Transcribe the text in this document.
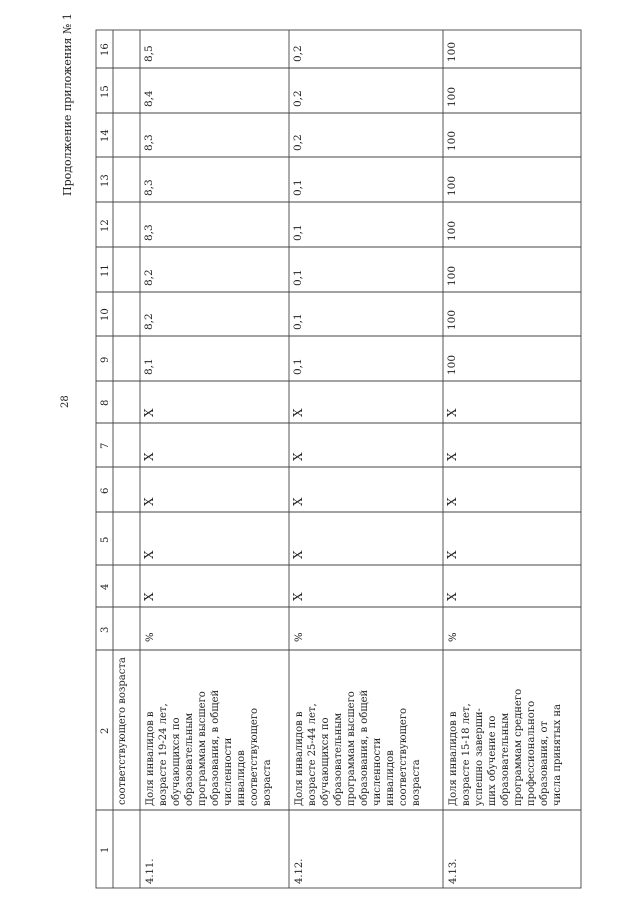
28
Продолжение приложения № 1
1
2
3
4
5
6
7
8
9
10
11
12
13
14
15
16
соответствующего возраста
4.11.
Доля инвалидов в возрасте 19-24 лет, обучающихся по образовательным программам высшего образования, в общей численности инвалидов соответствующего возраста
%
X
X
X
X
X
8,1
8,2
8,2
8,3
8,3
8,3
8,4
8,5
4.12.
Доля инвалидов в возрасте 25-44 лет, обучающихся по образовательным программам высшего образования, в общей численности инвалидов соответствующего возраста
%
X
X
X
X
X
0,1
0,1
0,1
0,1
0,1
0,2
0,2
0,2
4.13.
Доля инвалидов в возрасте 15-18 лет, успешно заверши- ших обучение по образовательным программам среднего профессионального образования, от числа принятых на
%
X
X
X
X
X
100
100
100
100
100
100
100
100
